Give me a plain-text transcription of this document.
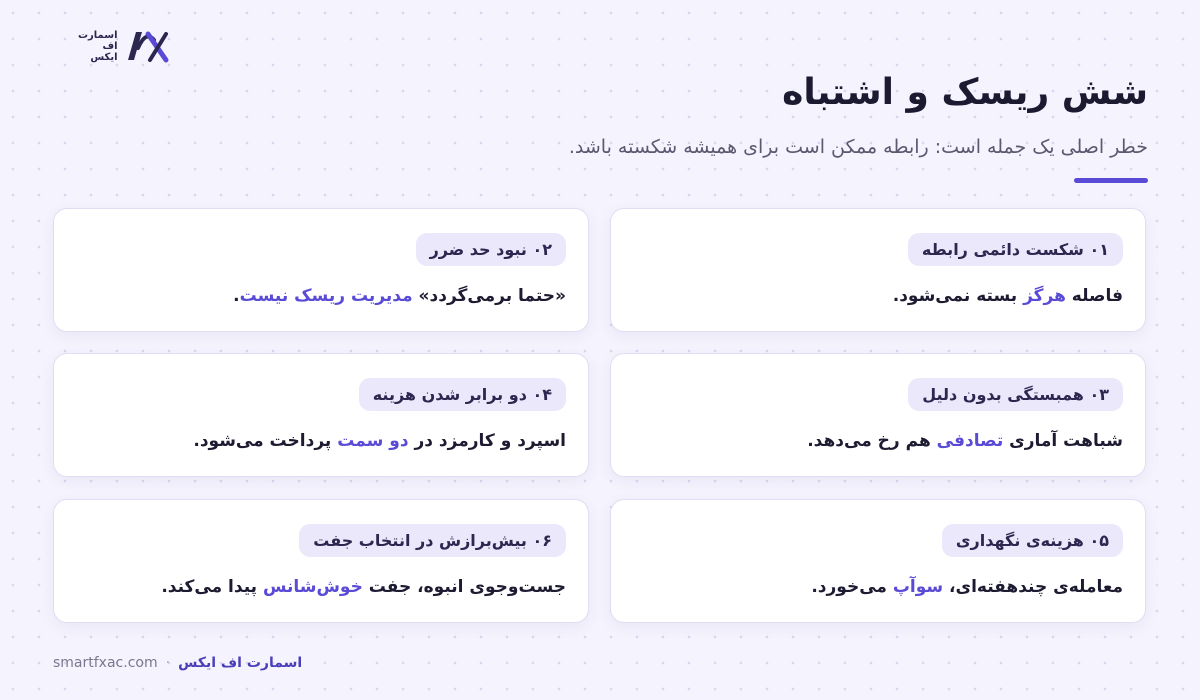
اسمارت
اف
ایکس
شش ریسک و اشتباه

خطر اصلی یک جمله است: رابطه ممکن است برای همیشه شکسته باشد.

۰۱ شکست دائمی رابطه
فاصله هرگز بسته نمی‌شود.
۰۲ نبود حد ضرر
«حتما برمی‌گردد» مدیریت ریسک نیست.
۰۳ همبستگی بدون دلیل
شباهت آماری تصادفی هم رخ می‌دهد.
۰۴ دو برابر شدن هزینه
اسپرد و کارمزد در دو سمت پرداخت می‌شود.
۰۵ هزینه‌ی نگهداری
معامله‌ی چندهفته‌ای، سوآپ می‌خورد.
۰۶ بیش‌برازش در انتخاب جفت
جست‌وجوی انبوه، جفت خوش‌شانس پیدا می‌کند.
smartfxac.com · اسمارت اف ایکس
